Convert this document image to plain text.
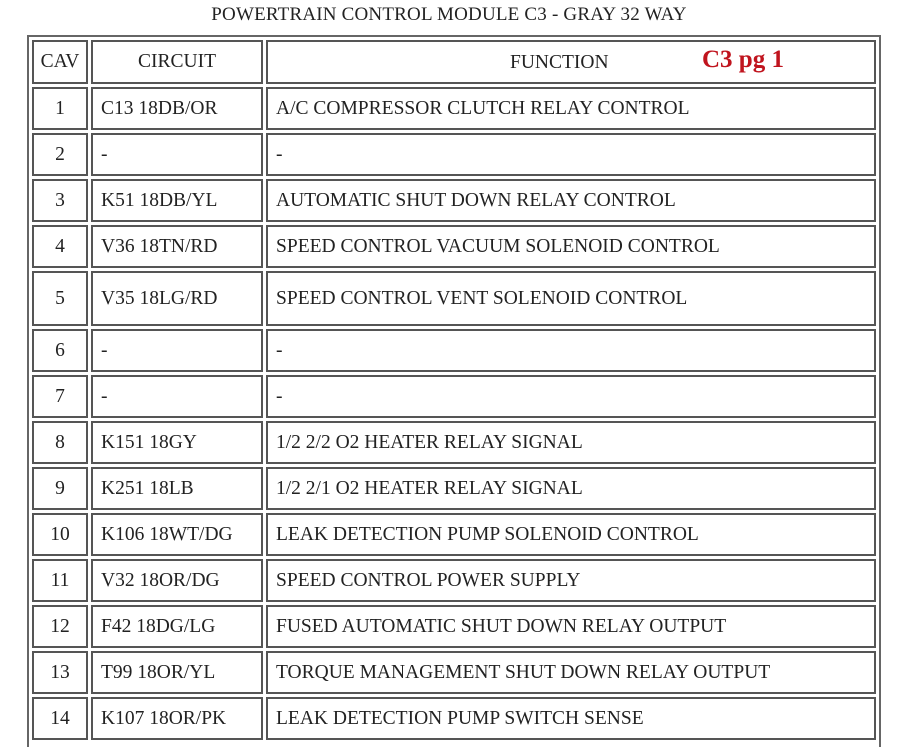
POWERTRAIN CONTROL MODULE C3 - GRAY 32 WAY
CAV	CIRCUIT	FUNCTION C3 pg 1

1	C13 18DB/OR	A/C COMPRESSOR CLUTCH RELAY CONTROL
2	-	-
3	K51 18DB/YL	AUTOMATIC SHUT DOWN RELAY CONTROL
4	V36 18TN/RD	SPEED CONTROL VACUUM SOLENOID CONTROL
5	V35 18LG/RD	SPEED CONTROL VENT SOLENOID CONTROL
6	-	-
7	-	-
8	K151 18GY	1/2 2/2 O2 HEATER RELAY SIGNAL
9	K251 18LB	1/2 2/1 O2 HEATER RELAY SIGNAL
10	K106 18WT/DG	LEAK DETECTION PUMP SOLENOID CONTROL
11	V32 18OR/DG	SPEED CONTROL POWER SUPPLY
12	F42 18DG/LG	FUSED AUTOMATIC SHUT DOWN RELAY OUTPUT
13	T99 18OR/YL	TORQUE MANAGEMENT SHUT DOWN RELAY OUTPUT
14	K107 18OR/PK	LEAK DETECTION PUMP SWITCH SENSE
